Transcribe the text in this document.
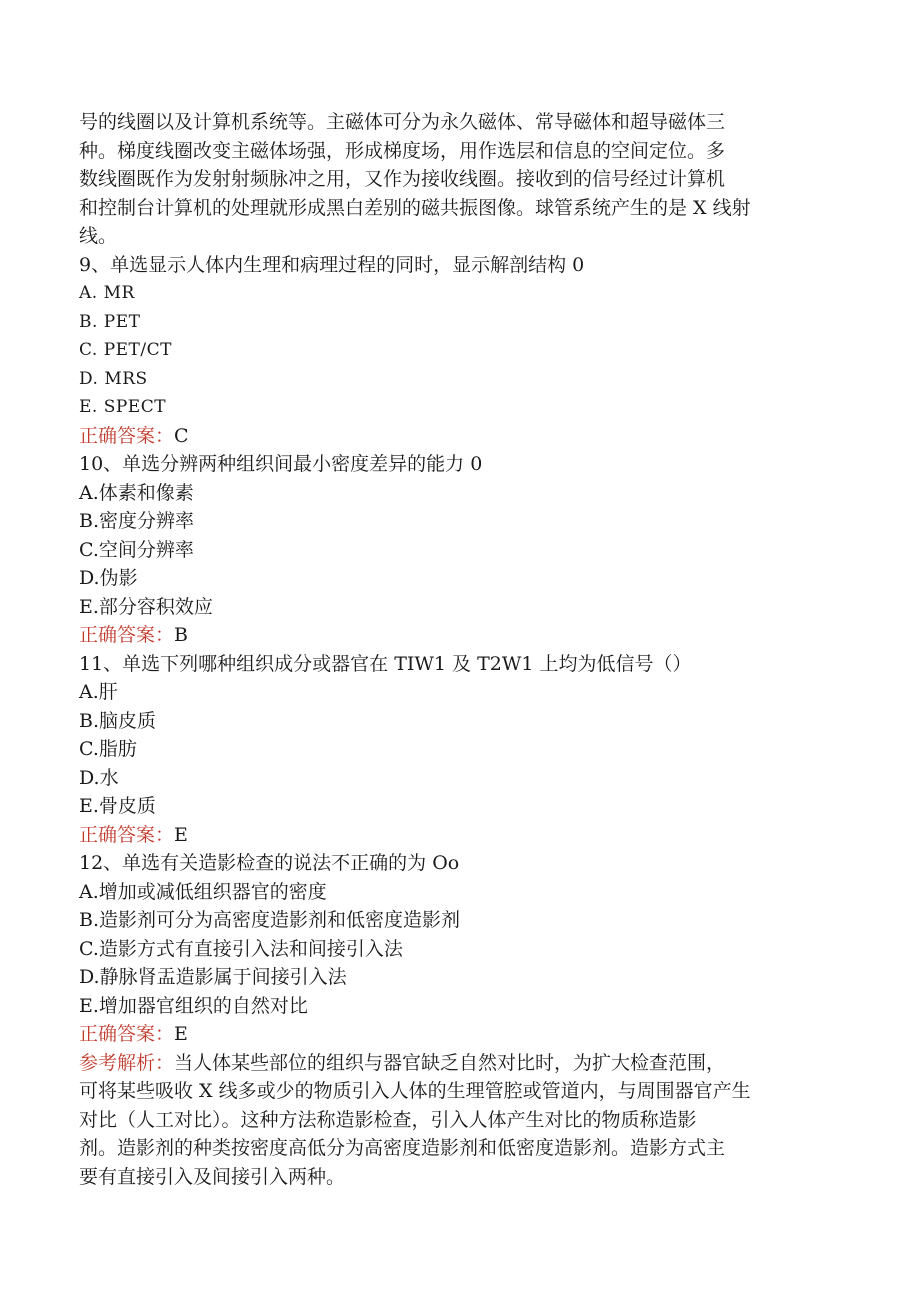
号的线圈以及计算机系统等。主磁体可分为永久磁体、常导磁体和超导磁体三

种。梯度线圈改变主磁体场强，形成梯度场，用作选层和信息的空间定位。多

数线圈既作为发射射频脉冲之用，又作为接收线圈。接收到的信号经过计算机

和控制台计算机的处理就形成黑白差别的磁共振图像。球管系统产生的是 X 线射

线。

9、单选显示人体内生理和病理过程的同时，显示解剖结构 0

A. MR

B. PET

C. PET/CT

D. MRS

E. SPECT

正确答案：C

10、单选分辨两种组织间最小密度差异的能力 0

A.体素和像素

B.密度分辨率

C.空间分辨率

D.伪影

E.部分容积效应

正确答案：B

11、单选下列哪种组织成分或器官在 TIW1 及 T2W1 上均为低信号（）

A.肝

B.脑皮质

C.脂肪

D.水

E.骨皮质

正确答案：E

12、单选有关造影检查的说法不正确的为 Oo

A.增加或减低组织器官的密度

B.造影剂可分为高密度造影剂和低密度造影剂

C.造影方式有直接引入法和间接引入法

D.静脉肾盂造影属于间接引入法

E.增加器官组织的自然对比

正确答案：E

参考解析：当人体某些部位的组织与器官缺乏自然对比时，为扩大检查范围，

可将某些吸收 X 线多或少的物质引入人体的生理管腔或管道内，与周围器官产生

对比（人工对比）。这种方法称造影检查，引入人体产生对比的物质称造影

剂。造影剂的种类按密度高低分为高密度造影剂和低密度造影剂。造影方式主

要有直接引入及间接引入两种。
